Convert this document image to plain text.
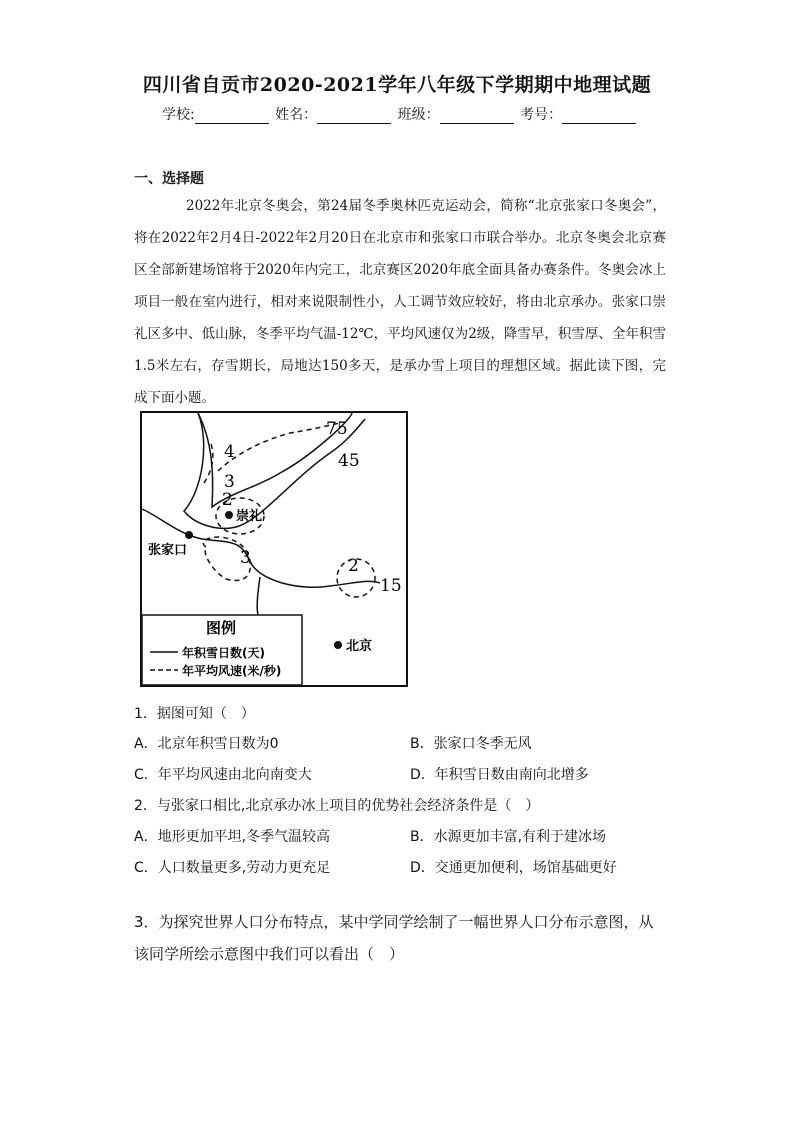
四川省自贡市2020-2021学年八年级下学期期中地理试题
学校:	姓名：	班级：	考号：
一、选择题

2022年北京冬奥会，第24届冬季奥林匹克运动会，简称“北京张家口冬奥会”，将在2022年2月4日-2022年2月20日在北京市和张家口市联合举办。北京冬奥会北京赛区全部新建场馆将于2020年内完工，北京赛区2020年底全面具备办赛条件。冬奥会冰上项目一般在室内进行，相对来说限制性小，人工调节效应较好，将由北京承办。张家口崇礼区多中、低山脉，冬季平均气温-12℃，平均风速仅为2级，降雪早，积雪厚、全年积雪1.5米左右，存雪期长，局地达150多天，是承办雪上项目的理想区域。据此读下图，完成下面小题。

75
45
15
4
3
2
3	2
崇礼
张家口
北京
图例
年积雪日数(天)
年平均风速(米/秒)
1．据图可知（　）
A．北京年积雪日数为0	B．张家口冬季无风
C．年平均风速由北向南变大	D．年积雪日数由南向北增多
2．与张家口相比,北京承办冰上项目的优势社会经济条件是（　）
A．地形更加平坦,冬季气温较高	B．水源更加丰富,有利于建冰场
C．人口数量更多,劳动力更充足	D．交通更加便利，场馆基础更好
3．为探究世界人口分布特点，某中学同学绘制了一幅世界人口分布示意图，从该同学所绘示意图中我们可以看出（　）
